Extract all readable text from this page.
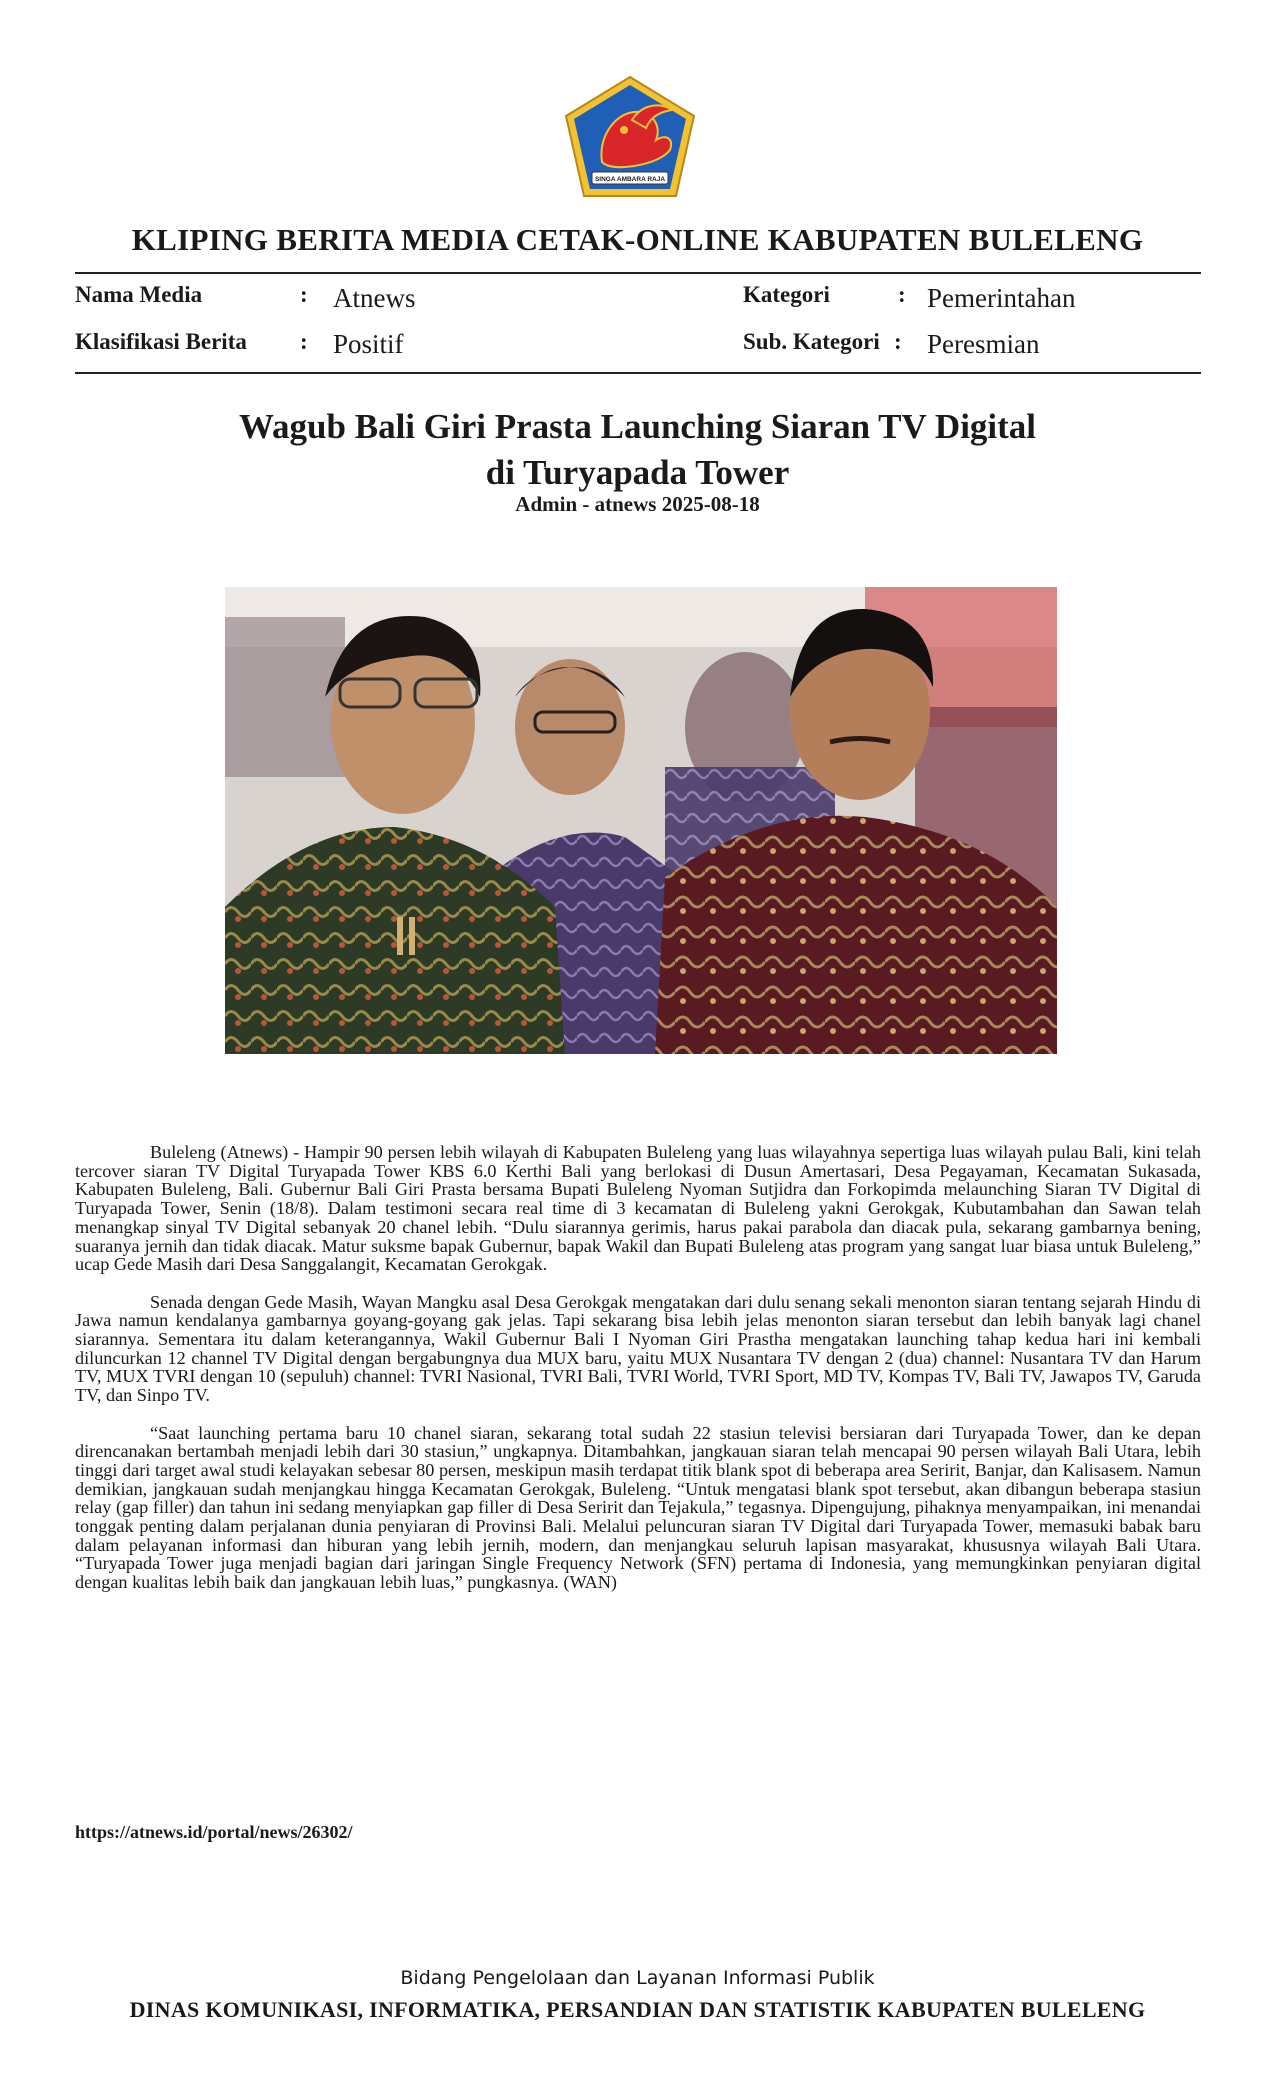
SINGA AMBARA RAJA
KLIPING BERITA MEDIA CETAK-ONLINE KABUPATEN BULELENG
Nama Media	: Atnews	Kategori	: Pemerintahan
Klasifikasi Berita : Positif	Sub. Kategori : Peresmian
Wagub Bali Giri Prasta Launching Siaran TV Digital
di Turyapada Tower
Admin - atnews 2025-08-18

Buleleng (Atnews) - Hampir 90 persen lebih wilayah di Kabupaten Buleleng yang luas wilayahnya sepertiga luas wilayah pulau Bali, kini telah tercover siaran TV Digital Turyapada Tower KBS 6.0 Kerthi Bali yang berlokasi di Dusun Amertasari, Desa Pegayaman, Kecamatan Sukasada, Kabupaten Buleleng, Bali. Gubernur Bali Giri Prasta bersama Bupati Buleleng Nyoman Sutjidra dan Forkopimda melaunching Siaran TV Digital di Turyapada Tower, Senin (18/8). Dalam testimoni secara real time di 3 kecamatan di Buleleng yakni Gerokgak, Kubutambahan dan Sawan telah menangkap sinyal TV Digital sebanyak 20 chanel lebih. “Dulu siarannya gerimis, harus pakai parabola dan diacak pula, sekarang gambarnya bening, suaranya jernih dan tidak diacak. Matur suksme bapak Gubernur, bapak Wakil dan Bupati Buleleng atas program yang sangat luar biasa untuk Buleleng,” ucap Gede Masih dari Desa Sanggalangit, Kecamatan Gerokgak.

Senada dengan Gede Masih, Wayan Mangku asal Desa Gerokgak mengatakan dari dulu senang sekali menonton siaran tentang sejarah Hindu di Jawa namun kendalanya gambarnya goyang-goyang gak jelas. Tapi sekarang bisa lebih jelas menonton siaran tersebut dan lebih banyak lagi chanel siarannya. Sementara itu dalam keterangannya, Wakil Gubernur Bali I Nyoman Giri Prastha mengatakan launching tahap kedua hari ini kembali diluncurkan 12 channel TV Digital dengan bergabungnya dua MUX baru, yaitu MUX Nusantara TV dengan 2 (dua) channel: Nusantara TV dan Harum TV, MUX TVRI dengan 10 (sepuluh) channel: TVRI Nasional, TVRI Bali, TVRI World, TVRI Sport, MD TV, Kompas TV, Bali TV, Jawapos TV, Garuda TV, dan Sinpo TV.

“Saat launching pertama baru 10 chanel siaran, sekarang total sudah 22 stasiun televisi bersiaran dari Turyapada Tower, dan ke depan direncanakan bertambah menjadi lebih dari 30 stasiun,” ungkapnya. Ditambahkan, jangkauan siaran telah mencapai 90 persen wilayah Bali Utara, lebih tinggi dari target awal studi kelayakan sebesar 80 persen, meskipun masih terdapat titik blank spot di beberapa area Seririt, Banjar, dan Kalisasem. Namun demikian, jangkauan sudah menjangkau hingga Kecamatan Gerokgak, Buleleng. “Untuk mengatasi blank spot tersebut, akan dibangun beberapa stasiun relay (gap filler) dan tahun ini sedang menyiapkan gap filler di Desa Seririt dan Tejakula,” tegasnya. Dipengujung, pihaknya menyampaikan, ini menandai tonggak penting dalam perjalanan dunia penyiaran di Provinsi Bali. Melalui peluncuran siaran TV Digital dari Turyapada Tower, memasuki babak baru dalam pelayanan informasi dan hiburan yang lebih jernih, modern, dan menjangkau seluruh lapisan masyarakat, khususnya wilayah Bali Utara. “Turyapada Tower juga menjadi bagian dari jaringan Single Frequency Network (SFN) pertama di Indonesia, yang memungkinkan penyiaran digital dengan kualitas lebih baik dan jangkauan lebih luas,” pungkasnya. (WAN)

https://atnews.id/portal/news/26302/
Bidang Pengelolaan dan Layanan Informasi Publik
DINAS KOMUNIKASI, INFORMATIKA, PERSANDIAN DAN STATISTIK KABUPATEN BULELENG
